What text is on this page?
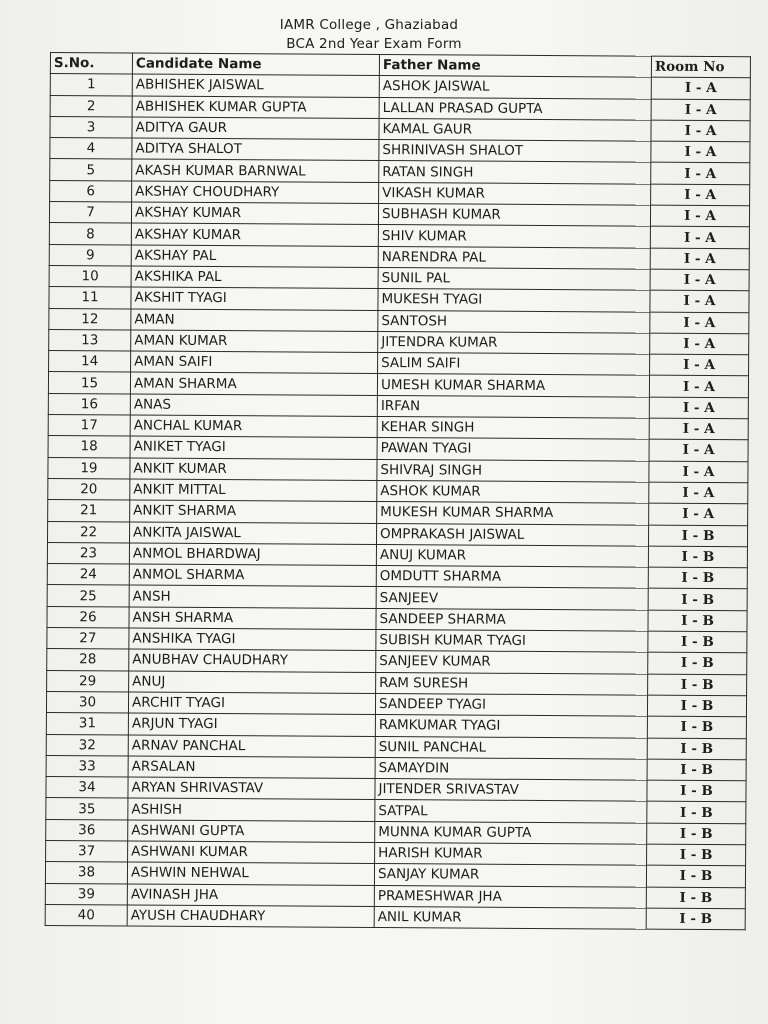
IAMR College , Ghaziabad
BCA 2nd Year Exam Form
S.No.	Candidate Name	Father Name	Room No
1	ABHISHEK JAISWAL	ASHOK JAISWAL	I - A
2	ABHISHEK KUMAR GUPTA	LALLAN PRASAD GUPTA	I - A
3	ADITYA GAUR	KAMAL GAUR	I - A
4	ADITYA SHALOT	SHRINIVASH SHALOT	I - A
5	AKASH KUMAR BARNWAL	RATAN SINGH	I - A
6	AKSHAY CHOUDHARY	VIKASH KUMAR	I - A
7	AKSHAY KUMAR	SUBHASH KUMAR	I - A
8	AKSHAY KUMAR	SHIV KUMAR	I - A
9	AKSHAY PAL	NARENDRA PAL	I - A
10	AKSHIKA PAL	SUNIL PAL	I - A
11	AKSHIT TYAGI	MUKESH TYAGI	I - A
12	AMAN	SANTOSH	I - A
13	AMAN KUMAR	JITENDRA KUMAR	I - A
14	AMAN SAIFI	SALIM SAIFI	I - A
15	AMAN SHARMA	UMESH KUMAR SHARMA	I - A
16	ANAS	IRFAN	I - A
17	ANCHAL KUMAR	KEHAR SINGH	I - A
18	ANIKET TYAGI	PAWAN TYAGI	I - A
19	ANKIT KUMAR	SHIVRAJ SINGH	I - A
20	ANKIT MITTAL	ASHOK KUMAR	I - A
21	ANKIT SHARMA	MUKESH KUMAR SHARMA	I - A
22	ANKITA JAISWAL	OMPRAKASH JAISWAL	I - B
23	ANMOL BHARDWAJ	ANUJ KUMAR	I - B
24	ANMOL SHARMA	OMDUTT SHARMA	I - B
25	ANSH	SANJEEV	I - B
26	ANSH SHARMA	SANDEEP SHARMA	I - B
27	ANSHIKA TYAGI	SUBISH KUMAR TYAGI	I - B
28	ANUBHAV CHAUDHARY	SANJEEV KUMAR	I - B
29	ANUJ	RAM SURESH	I - B
30	ARCHIT TYAGI	SANDEEP TYAGI	I - B
31	ARJUN TYAGI	RAMKUMAR TYAGI	I - B
32	ARNAV PANCHAL	SUNIL PANCHAL	I - B
33	ARSALAN	SAMAYDIN	I - B
34	ARYAN SHRIVASTAV	JITENDER SRIVASTAV	I - B
35	ASHISH	SATPAL	I - B
36	ASHWANI GUPTA	MUNNA KUMAR GUPTA	I - B
37	ASHWANI KUMAR	HARISH KUMAR	I - B
38	ASHWIN NEHWAL	SANJAY KUMAR	I - B
39	AVINASH JHA	PRAMESHWAR JHA	I - B
40	AYUSH CHAUDHARY	ANIL KUMAR	I - B
